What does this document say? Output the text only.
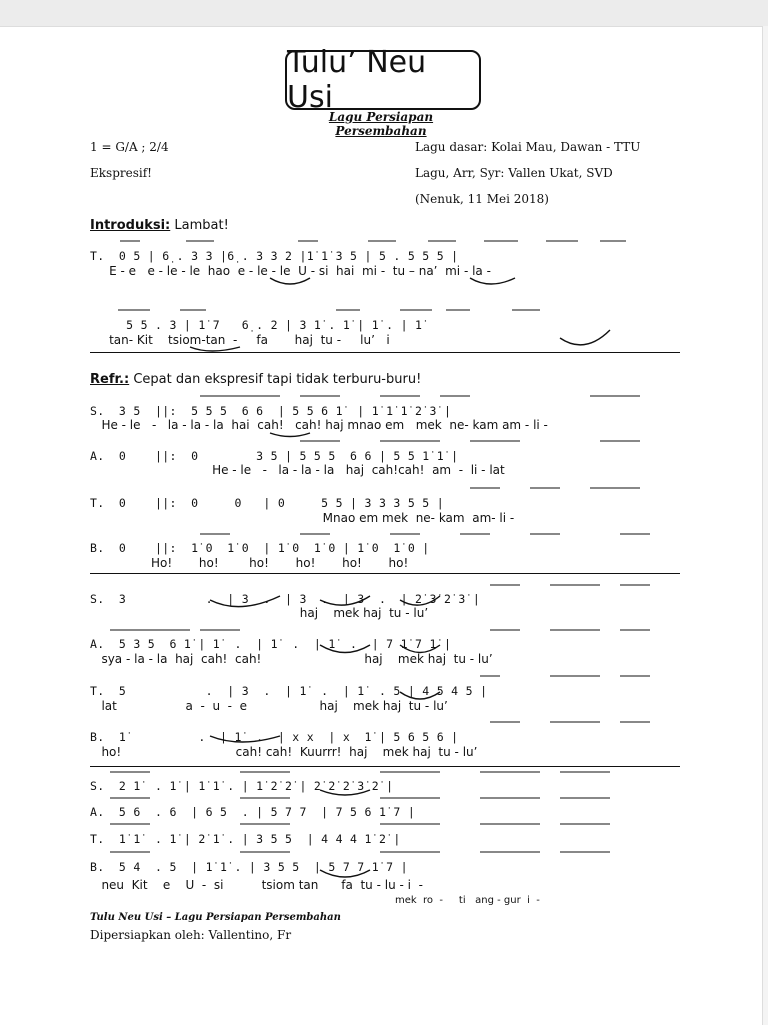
Tulu’ Neu Usi
Lagu Persiapan Persembahan
1 = G/A ; 2/4
Ekspresif!
Lagu dasar: Kolai Mau, Dawan - TTU
Lagu, Arr, Syr: Vallen Ukat, SVD
(Nenuk, 11 Mei 2018)
Introduksi: Lambat!
T.  0 5 | 6̣ . 3 3 |6̣ . 3 3 2 |1̇ 1̇ 3 5 | 5 . 5 5 5 |
E - e   e - le - le  hao  e - le - le  U - si  hai  mi -  tu – na’  mi - la -
5 5 . 3 | 1̇ 7   6̣ . 2 | 3 1̇ . 1̇ | 1̇ . | 1̇
tan- Kit    tsiom-tan  -     fa       haj  tu -     lu’   i
Refr.: Cepat dan ekspresif tapi tidak terburu-buru!
S.  3 5  ||:  5 5 5  6 6  | 5 5 6 1̇  | 1̇ 1̇ 1̇ 2̇ 3̇ |
He - le   -   la - la - la  hai  cah!   cah! haj mnao em   mek  ne- kam am - li -
A.  0    ||:  0        3 5 | 5 5 5  6 6 | 5 5 1̇ 1̇ |
He - le   -   la - la - la   haj  cah!cah!  am  -  li - lat
T.  0    ||:  0     0   | 0     5 5 | 3 3 3 5 5 |
Mnao em mek  ne- kam  am- li -
B.  0    ||:  1̇ 0  1̇ 0  | 1̇ 0  1̇ 0 | 1̇ 0  1̇ 0 |
Ho!       ho!        ho!       ho!       ho!       ho!
S.  3           .  | 3  .  | 3  .  | 3  .  | 2̇ 3̇ 2̇ 3̇ |
haj    mek haj  tu - lu’
A.  5 3 5  6 1̇ | 1̇  .  | 1̇  .  | 1̇  .  | 7 1̇ 7 1̇ |
sya - la - la  haj  cah!  cah!                           haj    mek haj  tu - lu’
T.  5           .  | 3  .  | 1̇  .  | 1̇  . 5 | 4 5 4 5 |
lat                  a  -  u  -  e                   haj    mek haj  tu - lu’
B.  1̇          .  | 1̇  .  | x x  | x  1̇ | 5 6 5 6 |
ho!                              cah! cah!  Kuurrr!  haj    mek haj  tu - lu’
S.  2 1̇  . 1̇ | 1̇ 1̇ . | 1̇ 2̇ 2̇ | 2̇ 2̇ 2̇ 3̇ 2̇ |
A.  5 6  . 6  | 6 5  . | 5 7 7  | 7 5 6 1̇ 7 |
T.  1̇ 1̇  . 1̇ | 2̇ 1̇ . | 3 5 5  | 4 4 4 1̇ 2̇ |
B.  5 4  . 5  | 1̇ 1̇ . | 3 5 5  | 5 7 7 1̇ 7 |
neu  Kit    e    U  -  si          tsiom tan      fa  tu - lu - i  -
mek  ro  -     ti   ang - gur  i  -
Tulu Neu Usi – Lagu Persiapan Persembahan
Dipersiapkan oleh: Vallentino, Fr
